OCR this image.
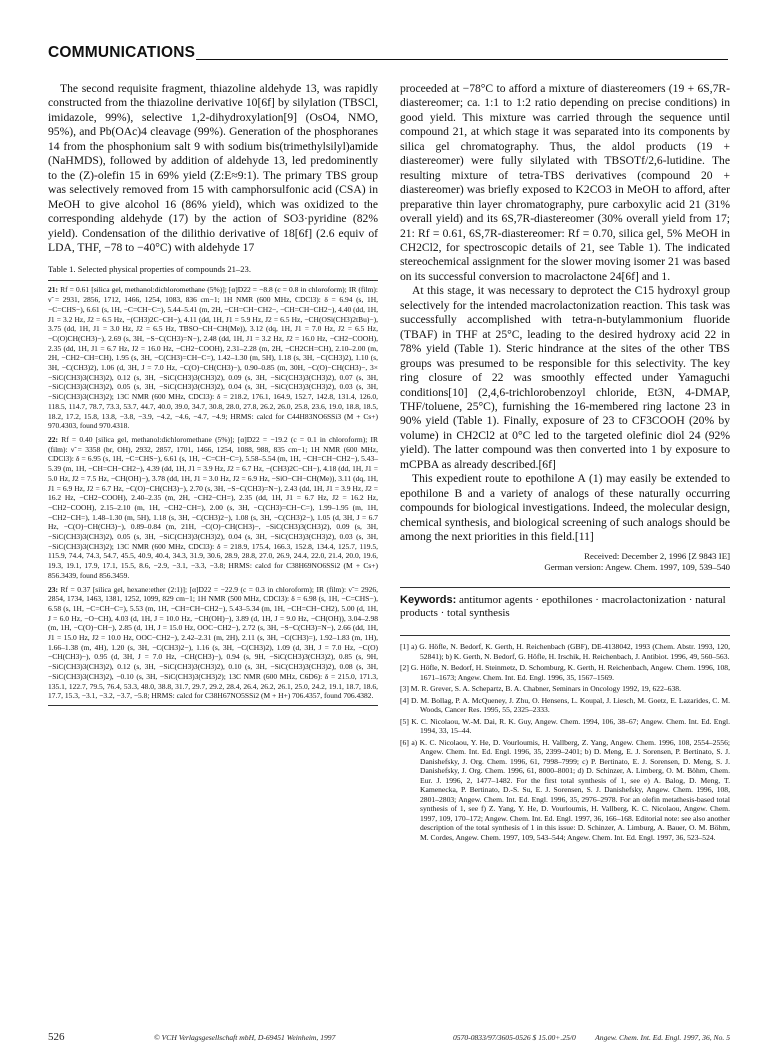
COMMUNICATIONS

The second requisite fragment, thiazoline aldehyde 13, was rapidly constructed from the thiazoline derivative 10[6f] by silylation (TBSCl, imidazole, 99%), selective 1,2-dihydroxylation[9] (OsO4, NMO, 95%), and Pb(OAc)4 cleavage (99%). Generation of the phosphoranes 14 from the phosphonium salt 9 with sodium bis(trimethylsilyl)amide (NaHMDS), followed by addition of aldehyde 13, led predominently to the (Z)-olefin 15 in 69% yield (Z:E≈9:1). The primary TBS group was selectively removed from 15 with camphorsulfonic acid (CSA) in MeOH to give alcohol 16 (86% yield), which was oxidized to the corresponding aldehyde (17) by the action of SO3·pyridine (82% yield). Condensation of the dilithio derivative of 18[6f] (2.6 equiv of LDA, THF, −78 to −40°C) with aldehyde 17

Table 1. Selected physical properties of compounds 21–23.

21: Rf = 0.61 [silica gel, methanol:dichloromethane (5%)]; [α]D22 = −8.8 (c = 0.8 in chloroform); IR (film): ν̃ = 2931, 2856, 1712, 1466, 1254, 1083, 836 cm−1; 1H NMR (600 MHz, CDCl3): δ = 6.94 (s, 1H, −C=CHS−), 6.61 (s, 1H, −C=CH−C=), 5.44–5.41 (m, 2H, −CH=CH−CH2−, −CH=CH−CH2−), 4.40 (dd, 1H, J1 = 3.2 Hz, J2 = 6.5 Hz, −(CH3)2C−CH−), 4.11 (dd, 1H, J1 = 5.9 Hz, J2 = 6.5 Hz, −CH(OSi(CH3)2tBu)−), 3.75 (dd, 1H, J1 = 3.0 Hz, J2 = 6.5 Hz, TBSO−CH−CH(Me)), 3.12 (dq, 1H, J1 = 7.0 Hz, J2 = 6.5 Hz, −C(O)CH(CH3)−), 2.69 (s, 3H, −S−C(CH3)=N−), 2.48 (dd, 1H, J1 = 3.2 Hz, J2 = 16.0 Hz, −CH2−COOH), 2.35 (dd, 1H, J1 = 6.7 Hz, J2 = 16.0 Hz, −CH2−COOH), 2.31–2.28 (m, 2H, −CH2CH=CH), 2.10–2.00 (m, 2H, −CH2−CH=CH), 1.95 (s, 3H, −C(CH3)=CH−C=), 1.42–1.30 (m, 5H), 1.18 (s, 3H, −C(CH3)2), 1.10 (s, 3H, −C(CH3)2), 1.06 (d, 3H, J = 7.0 Hz, −C(O)−CH(CH3)−), 0.90–0.85 (m, 30H, −C(O)−CH(CH3)−, 3× −SiC(CH3)3(CH3)2), 0.12 (s, 3H, −SiC(CH3)3(CH3)2), 0.09 (s, 3H, −SiC(CH3)3(CH3)2), 0.07 (s, 3H, −SiC(CH3)3(CH3)2), 0.05 (s, 3H, −SiC(CH3)3(CH3)2), 0.04 (s, 3H, −SiC(CH3)3(CH3)2), 0.03 (s, 3H, −SiC(CH3)3(CH3)2); 13C NMR (600 MHz, CDCl3): δ = 218.2, 176.1, 164.9, 152.7, 142.8, 131.4, 126.0, 118.5, 114.7, 78.7, 73.3, 53.7, 44.7, 40.0, 39.0, 34.7, 30.8, 28.0, 27.8, 26.2, 26.0, 25.8, 23.6, 19.0, 18.8, 18.5, 18.2, 17.2, 15.8, 13.8, −3.8, −3.9, −4.2, −4.6, −4.7, −4.9; HRMS: calcd for C44H83NO6SSi3 (M + Cs+) 970.4303, found 970.4318.

22: Rf = 0.40 [silica gel, methanol:dichloromethane (5%)]; [α]D22 = −19.2 (c = 0.1 in chloroform); IR (film): ν̃ = 3358 (br, OH), 2932, 2857, 1701, 1466, 1254, 1088, 988, 835 cm−1; 1H NMR (600 MHz, CDCl3): δ = 6.95 (s, 1H, −C=CHS−), 6.61 (s, 1H, −C=CH−C=), 5.58–5.54 (m, 1H, −CH=CH−CH2−), 5.43–5.39 (m, 1H, −CH=CH−CH2−), 4.39 (dd, 1H, J1 = 3.9 Hz, J2 = 6.7 Hz, −(CH3)2C−CH−), 4.18 (dd, 1H, J1 = 5.0 Hz, J2 = 7.5 Hz, −CH(OH)−), 3.78 (dd, 1H, J1 = 3.0 Hz, J2 = 6.9 Hz, −SiO−CH−CH(Me)), 3.11 (dq, 1H, J1 = 6.9 Hz, J2 = 6.7 Hz, −C(O)−CH(CH3)−), 2.70 (s, 3H, −S−C(CH3)=N−), 2.43 (dd, 1H, J1 = 3.9 Hz, J2 = 16.2 Hz, −CH2−COOH), 2.40–2.35 (m, 2H, −CH2−CH=), 2.35 (dd, 1H, J1 = 6.7 Hz, J2 = 16.2 Hz, −CH2−COOH), 2.15–2.10 (m, 1H, −CH2−CH=), 2.00 (s, 3H, −C(CH3)=CH−C=), 1.99–1.95 (m, 1H, −CH2−CH=), 1.48–1.30 (m, 5H), 1.18 (s, 3H, −C(CH3)2−), 1.08 (s, 3H, −C(CH3)2−), 1.05 (d, 3H, J = 6.7 Hz, −C(O)−CH(CH3)−), 0.89–0.84 (m, 21H, −C(O)−CH(CH3)−, −SiC(CH3)3(CH3)2), 0.09 (s, 3H, −SiC(CH3)3(CH3)2), 0.05 (s, 3H, −SiC(CH3)3(CH3)2), 0.04 (s, 3H, −SiC(CH3)3(CH3)2), 0.03 (s, 3H, −SiC(CH3)3(CH3)2); 13C NMR (600 MHz, CDCl3): δ = 218.9, 175.4, 166.3, 152.8, 134.4, 125.7, 119.5, 115.9, 74.4, 74.3, 54.7, 45.5, 40.9, 40.4, 34.3, 31.9, 30.6, 28.9, 28.8, 27.0, 26.9, 24.4, 22.0, 21.4, 20.0, 19.6, 19.3, 19.1, 17.9, 17.1, 15.5, 8.6, −2.9, −3.1, −3.3, −3.8; HRMS: calcd for C38H69NO6SSi2 (M + Cs+) 856.3439, found 856.3459.

23: Rf = 0.37 [silica gel, hexane:ether (2:1)]; [α]D22 = −22.9 (c = 0.3 in chloroform); IR (film): ν̃ = 2926, 2854, 1734, 1463, 1381, 1252, 1099, 829 cm−1; 1H NMR (500 MHz, CDCl3): δ = 6.98 (s, 1H, −C=CHS−), 6.58 (s, 1H, −C=CH−C=), 5.53 (m, 1H, −CH=CH−CH2−), 5.43–5.34 (m, 1H, −CH=CH−CH2), 5.00 (d, 1H, J = 6.0 Hz, −O−CH), 4.03 (d, 1H, J = 10.0 Hz, −CH(OH)−), 3.89 (d, 1H, J = 9.0 Hz, −CH(OH)), 3.04–2.98 (m, 1H, −C(O)−CH−), 2.85 (d, 1H, J = 15.0 Hz, OOC−CH2−), 2.72 (s, 3H, −S−C(CH3)=N−), 2.66 (dd, 1H, J1 = 15.0 Hz, J2 = 10.0 Hz, OOC−CH2−), 2.42–2.31 (m, 2H), 2.11 (s, 3H, −C(CH3)=), 1.92–1.83 (m, 1H), 1.66–1.38 (m, 4H), 1.20 (s, 3H, −C(CH3)2−), 1.16 (s, 3H, −C(CH3)2), 1.09 (d, 3H, J = 7.0 Hz, −C(O)−CH(CH3)−), 0.95 (d, 3H, J = 7.0 Hz, −CH(CH3)−), 0.94 (s, 9H, −SiC(CH3)3(CH3)2), 0.85 (s, 9H, −SiC(CH3)3(CH3)2), 0.12 (s, 3H, −SiC(CH3)3(CH3)2), 0.10 (s, 3H, −SiC(CH3)3(CH3)2), 0.08 (s, 3H, −SiC(CH3)3(CH3)2), −0.10 (s, 3H, −SiC(CH3)3(CH3)2); 13C NMR (600 MHz, C6D6): δ = 215.0, 171.3, 135.1, 122.7, 79.5, 76.4, 53.3, 48.0, 38.8, 31.7, 29.7, 29.2, 28.4, 26.4, 26.2, 26.1, 25.0, 24.2, 19.1, 18.7, 18.6, 17.7, 15.3, −3.1, −3.2, −3.7, −5.8; HRMS: calcd for C38H67NO5SSi2 (M + H+) 706.4357, found 706.4382.

proceeded at −78°C to afford a mixture of diastereomers (19 + 6S,7R-diastereomer; ca. 1:1 to 1:2 ratio depending on precise conditions) in good yield. This mixture was carried through the sequence until compound 21, at which stage it was separated into its components by silica gel chromatography. Thus, the aldol products (19 + diastereomer) were fully silylated with TBSOTf/2,6-lutidine. The resulting mixture of tetra-TBS derivatives (compound 20 + diastereomer) was briefly exposed to K2CO3 in MeOH to afford, after preparative thin layer chromatography, pure carboxylic acid 21 (31% overall yield) and its 6S,7R-diastereomer (30% overall yield from 17; 21: Rf = 0.61, 6S,7R-diastereomer: Rf = 0.70, silica gel, 5% MeOH in CH2Cl2, for spectroscopic details of 21, see Table 1). The indicated stereochemical assignment for the slower moving isomer 21 was based on its successful conversion to macrolactone 24[6f] and 1.

At this stage, it was necessary to deprotect the C15 hydroxyl group selectively for the intended macrolactonization reaction. This task was successfully accomplished with tetra-n-butylammonium fluoride (TBAF) in THF at 25°C, leading to the desired hydroxy acid 22 in 78% yield (Table 1). Steric hindrance at the sites of the other TBS groups was presumed to be responsible for this selectivity. The key ring closure of 22 was smoothly effected under Yamaguchi conditions[10] (2,4,6-trichlorobenzoyl chloride, Et3N, 4-DMAP, THF/toluene, 25°C), furnishing the 16-membered ring lactone 23 in 90% yield (Table 1). Finally, exposure of 23 to CF3COOH (20% by volume) in CH2Cl2 at 0°C led to the targeted olefinic diol 24 (92% yield). The latter compound was then converted into 1 by exposure to mCPBA as already described.[6f]

This expedient route to epothilone A (1) may easily be extended to epothilone B and a variety of analogs of these naturally occurring compounds for biological investigations. Indeed, the molecular design, chemical synthesis, and biological screening of such analogs should be among the next priorities in this field.[11]

Received: December 2, 1996 [Z 9843 IE]
German version: Angew. Chem. 1997, 109, 539–540
Keywords: antitumor agents · epothilones · macrolactonization · natural products · total synthesis
[1] a) G. Höfle, N. Bedorf, K. Gerth, H. Reichenbach (GBF), DE-4138042, 1993 (Chem. Abstr. 1993, 120, 52841); b) K. Gerth, N. Bedorf, G. Höfle, H. Irschik, H. Reichenbach, J. Antibiot. 1996, 49, 560–563.
[2] G. Höfle, N. Bedorf, H. Steinmetz, D. Schomburg, K. Gerth, H. Reichenbach, Angew. Chem. 1996, 108, 1671–1673; Angew. Chem. Int. Ed. Engl. 1996, 35, 1567–1569.
[3] M. R. Grever, S. A. Schepartz, B. A. Chabner, Seminars in Oncology 1992, 19, 622–638.
[4] D. M. Bollag, P. A. McQueney, J. Zhu, O. Hensens, L. Koupal, J. Liesch, M. Goetz, E. Lazarides, C. M. Woods, Cancer Res. 1995, 55, 2325–2333.
[5] K. C. Nicolaou, W.-M. Dai, R. K. Guy, Angew. Chem. 1994, 106, 38–67; Angew. Chem. Int. Ed. Engl. 1994, 33, 15–44.
[6] a) K. C. Nicolaou, Y. He, D. Vourloumis, H. Vallberg, Z. Yang, Angew. Chem. 1996, 108, 2554–2556; Angew. Chem. Int. Ed. Engl. 1996, 35, 2399–2401; b) D. Meng, E. J. Sorensen, P. Bertinato, S. J. Danishefsky, J. Org. Chem. 1996, 61, 7998–7999; c) P. Bertinato, E. J. Sorensen, D. Meng, S. J. Danishefsky, J. Org. Chem. 1996, 61, 8000–8001; d) D. Schinzer, A. Limberg, O. M. Böhm, Chem. Eur. J. 1996, 2, 1477–1482. For the first total synthesis of 1, see e) A. Balog, D. Meng, T. Kamenecka, P. Bertinato, D.-S. Su, E. J. Sorensen, S. J. Danishefsky, Angew. Chem. 1996, 108, 2801–2803; Angew. Chem. Int. Ed. Engl. 1996, 35, 2976–2978. For an olefin metathesis-based total synthesis of 1, see f) Z. Yang, Y. He, D. Vourloumis, H. Vallberg, K. C. Nicolaou, Angew. Chem. 1997, 109, 170–172; Angew. Chem. Int. Ed. Engl. 1997, 36, 166–168. Editorial note: see also another description of the total synthesis of 1 in this issue: D. Schinzer, A. Limburg, A. Bauer, O. M. Böhm, M. Cordes, Angew. Chem. 1997, 109, 543–544; Angew. Chem. Int. Ed. Engl. 1997, 36, 523–524.
526	© VCH Verlagsgesellschaft mbH, D-69451 Weinheim, 1997	0570-0833/97/3605-0526 $ 15.00+.25/0	Angew. Chem. Int. Ed. Engl. 1997, 36, No. 5
